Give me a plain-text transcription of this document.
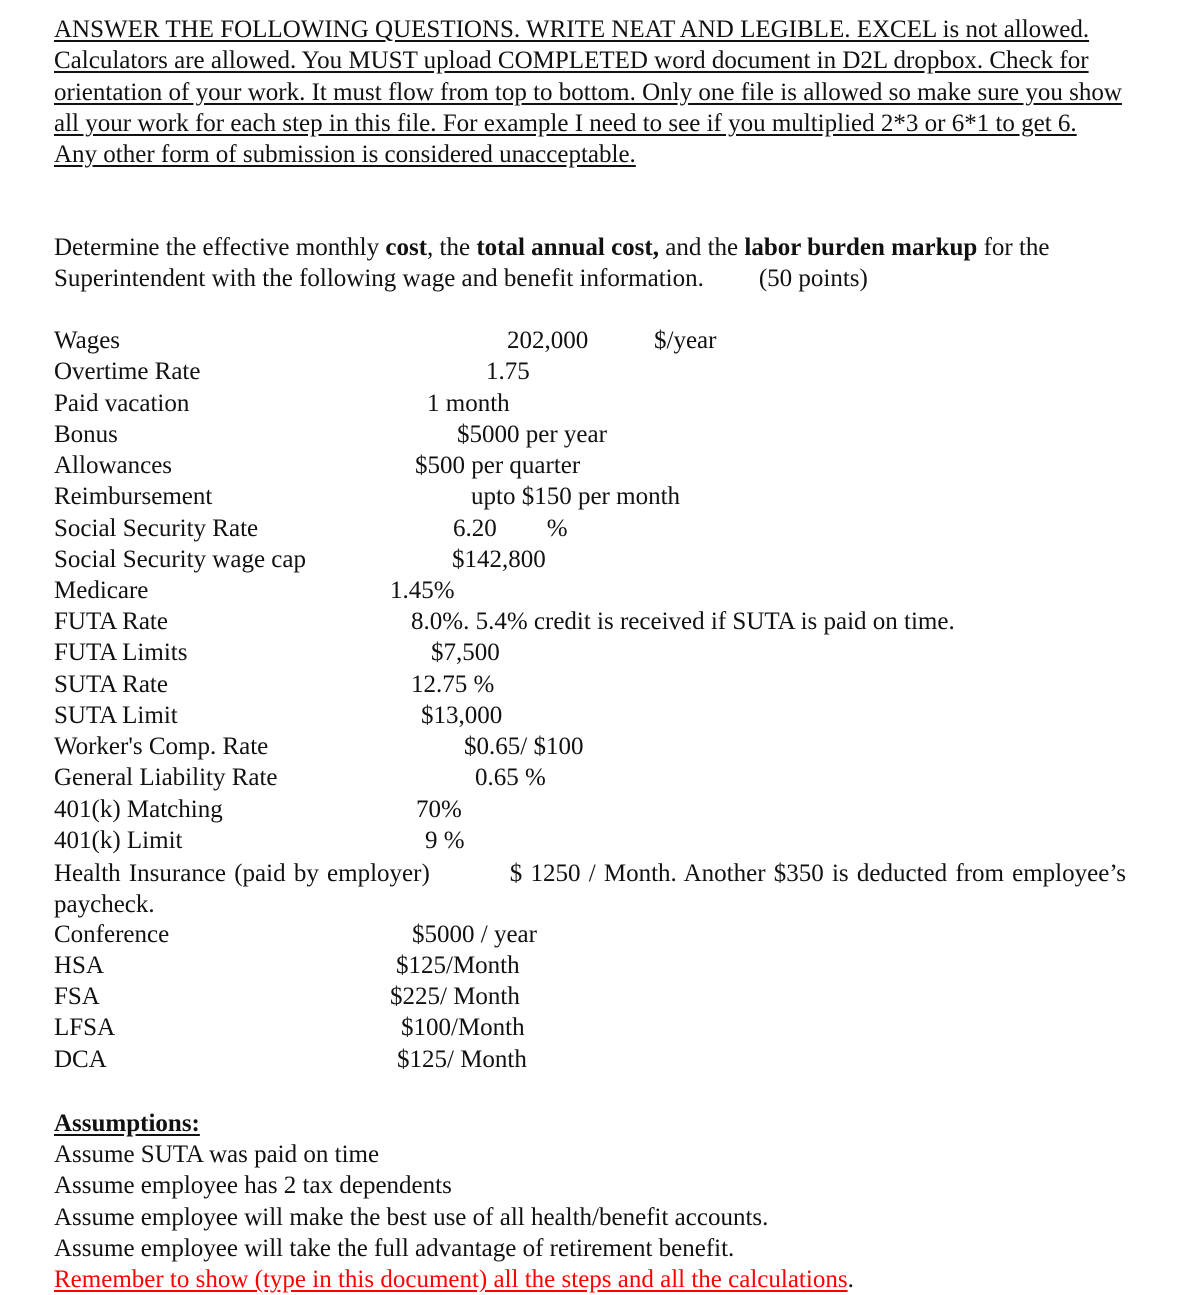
ANSWER THE FOLLOWING QUESTIONS. WRITE NEAT AND LEGIBLE. EXCEL is not allowed. Calculators are allowed. You MUST upload COMPLETED word document in D2L dropbox. Check for orientation of your work. It must flow from top to bottom. Only one file is allowed so make sure you show all your work for each step in this file. For example I need to see if you multiplied 2*3 or 6*1 to get 6. Any other form of submission is considered unacceptable.
Determine the effective monthly cost, the total annual cost, and the labor burden markup for the Superintendent with the following wage and benefit information. (50 points)
Wages	202,000	$/year
Overtime Rate	1.75
Paid vacation	1 month
Bonus	$5000 per year
Allowances	$500 per quarter
Reimbursement	upto $150 per month
Social Security Rate	6.20        %
Social Security wage cap	$142,800
Medicare	1.45%
FUTA Rate	8.0%. 5.4% credit is received if SUTA is paid on time.
FUTA Limits	$7,500
SUTA Rate	12.75 %
SUTA Limit	$13,000
Worker's Comp. Rate	$0.65/ $100
General Liability Rate	0.65 %
401(k) Matching	70%
401(k) Limit	9 %
Health Insurance (paid by employer)	$ 1250 / Month. Another $350 is deducted from employee’s paycheck.
Conference	$5000 / year
HSA	$125/Month
FSA	$225/ Month
LFSA	$100/Month
DCA	$125/ Month
Assumptions:
Assume SUTA was paid on time
Assume employee has 2 tax dependents
Assume employee will make the best use of all health/benefit accounts.
Assume employee will take the full advantage of retirement benefit.
Remember to show (type in this document) all the steps and all the calculations.
